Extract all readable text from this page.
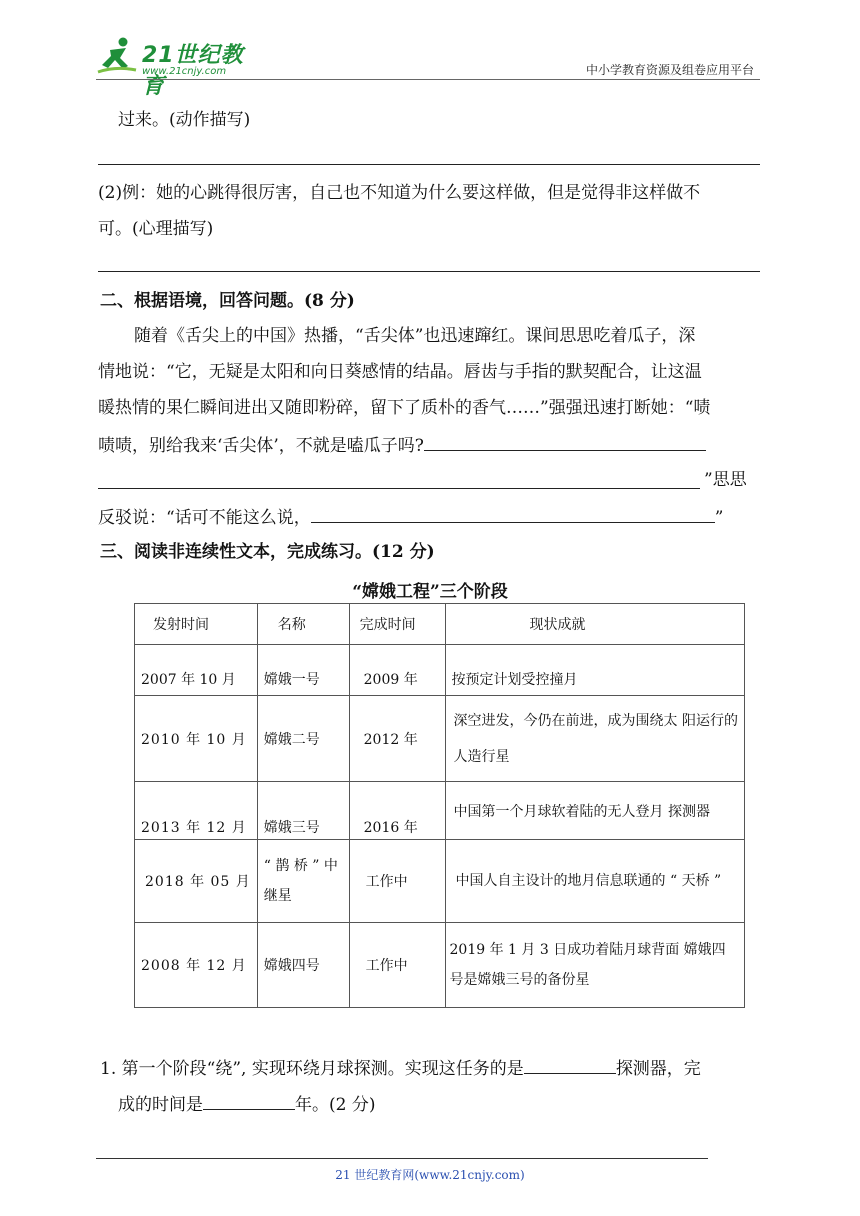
21世纪教育
www.21cnjy.com	中小学教育资源及组卷应用平台
过来。(动作描写)
(2)例：她的心跳得很厉害，自己也不知道为什么要这样做，但是觉得非这样做不
可。(心理描写)
二、根据语境，回答问题。(8 分)
随着《舌尖上的中国》热播，“舌尖体”也迅速蹿红。课间思思吃着瓜子，深
情地说：“它，无疑是太阳和向日葵感情的结晶。唇齿与手指的默契配合，让这温
暖热情的果仁瞬间进出又随即粉碎，留下了质朴的香气……”强强迅速打断她：“啧
啧啧，别给我来‘舌尖体’，不就是嗑瓜子吗?
”思思
反驳说：“话可不能这么说，	”
三、阅读非连续性文本，完成练习。(12 分)
“嫦娥工程”三个阶段
发射时间	名称	完成时间	现状成就
2007 年 10 月	嫦娥一号	2009 年	按预定计划受控撞月
2010 年 10 月	嫦娥二号	2012 年	深空进发，今仍在前进，成为围绕太 阳运行的人造行星
2013 年 12 月	嫦娥三号	2016 年	中国第一个月球软着陆的无人登月 探测器
2018 年 05 月	“ 鹊 桥 ” 中继星	工作中	中国人自主设计的地月信息联通的 “ 天桥 ”
2008 年 12 月	嫦娥四号	工作中	2019 年 1 月 3 日成功着陆月球背面 嫦娥四号是嫦娥三号的备份星
1. 第一个阶段“绕”, 实现环绕月球探测。实现这任务的是	探测器，完
成的时间是	年。(2 分)
21 世纪教育网(www.21cnjy.com)
